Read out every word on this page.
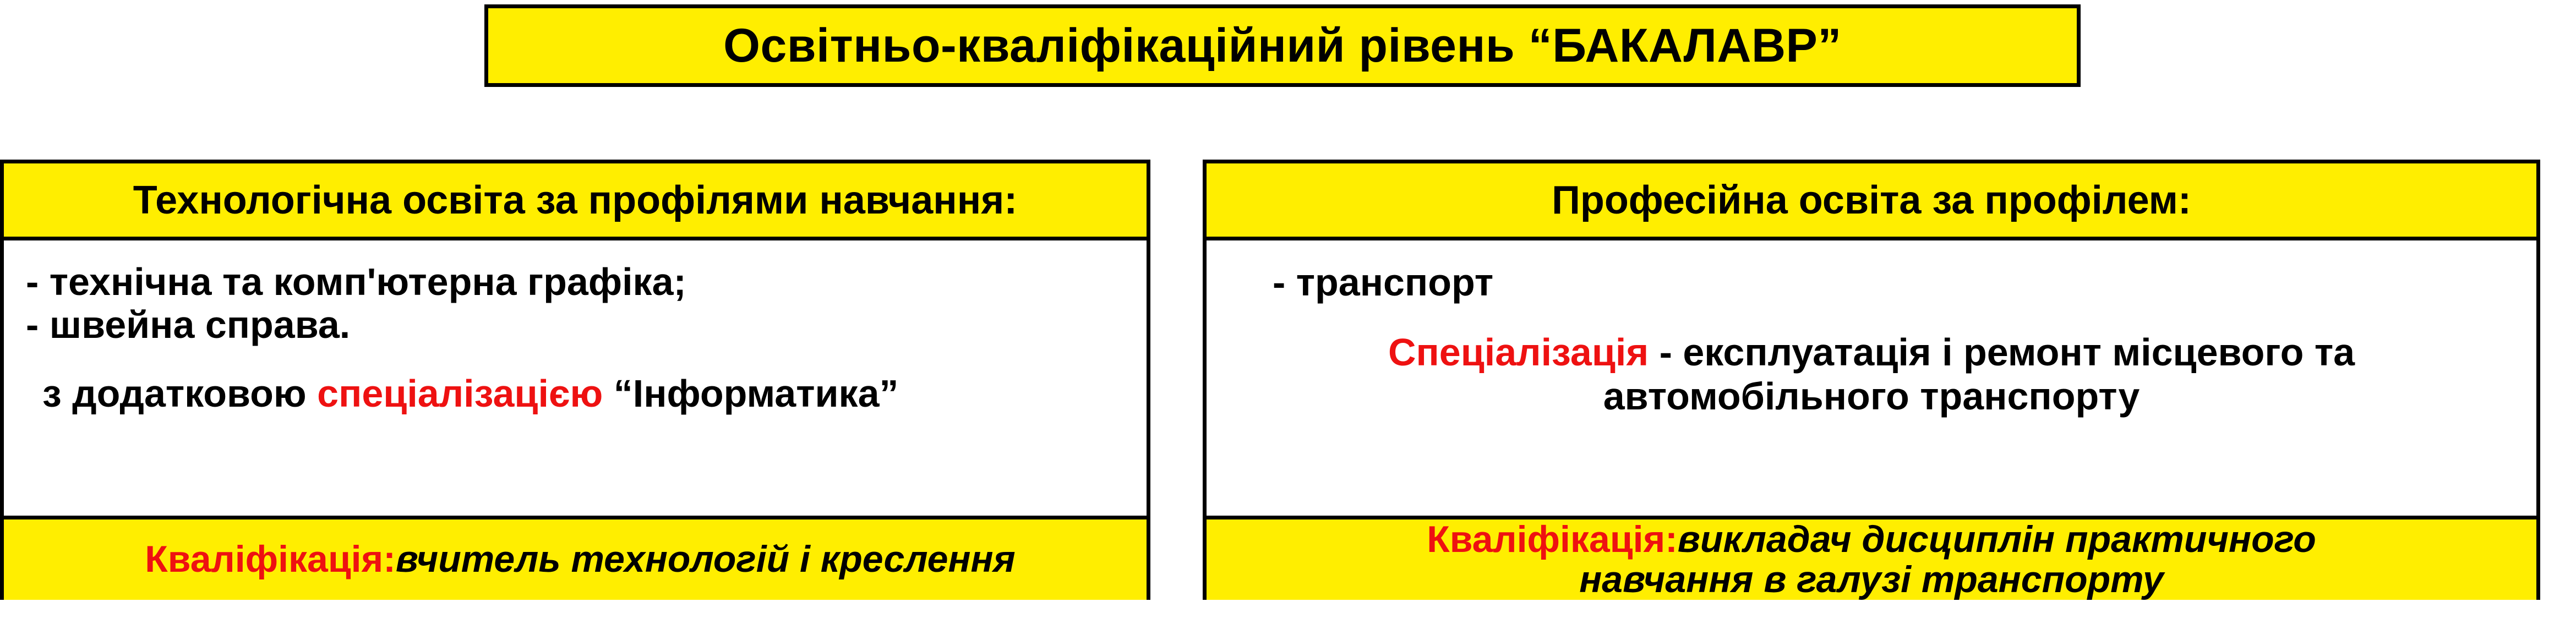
Освітньо-кваліфікаційний рівень “БАКАЛАВР”
Технологічна освіта за профілями навчання:
- технічна та комп'ютерна графіка;
- швейна справа.
з додатковою спеціалізацією “Інформатика”
Кваліфікація:вчитель технологій і креслення
Професійна освіта за профілем:
- транспорт
Спеціалізація - експлуатація і ремонт місцевого та
автомобільного транспорту
Кваліфікація:викладач дисциплін практичного
навчання в галузі транспорту
